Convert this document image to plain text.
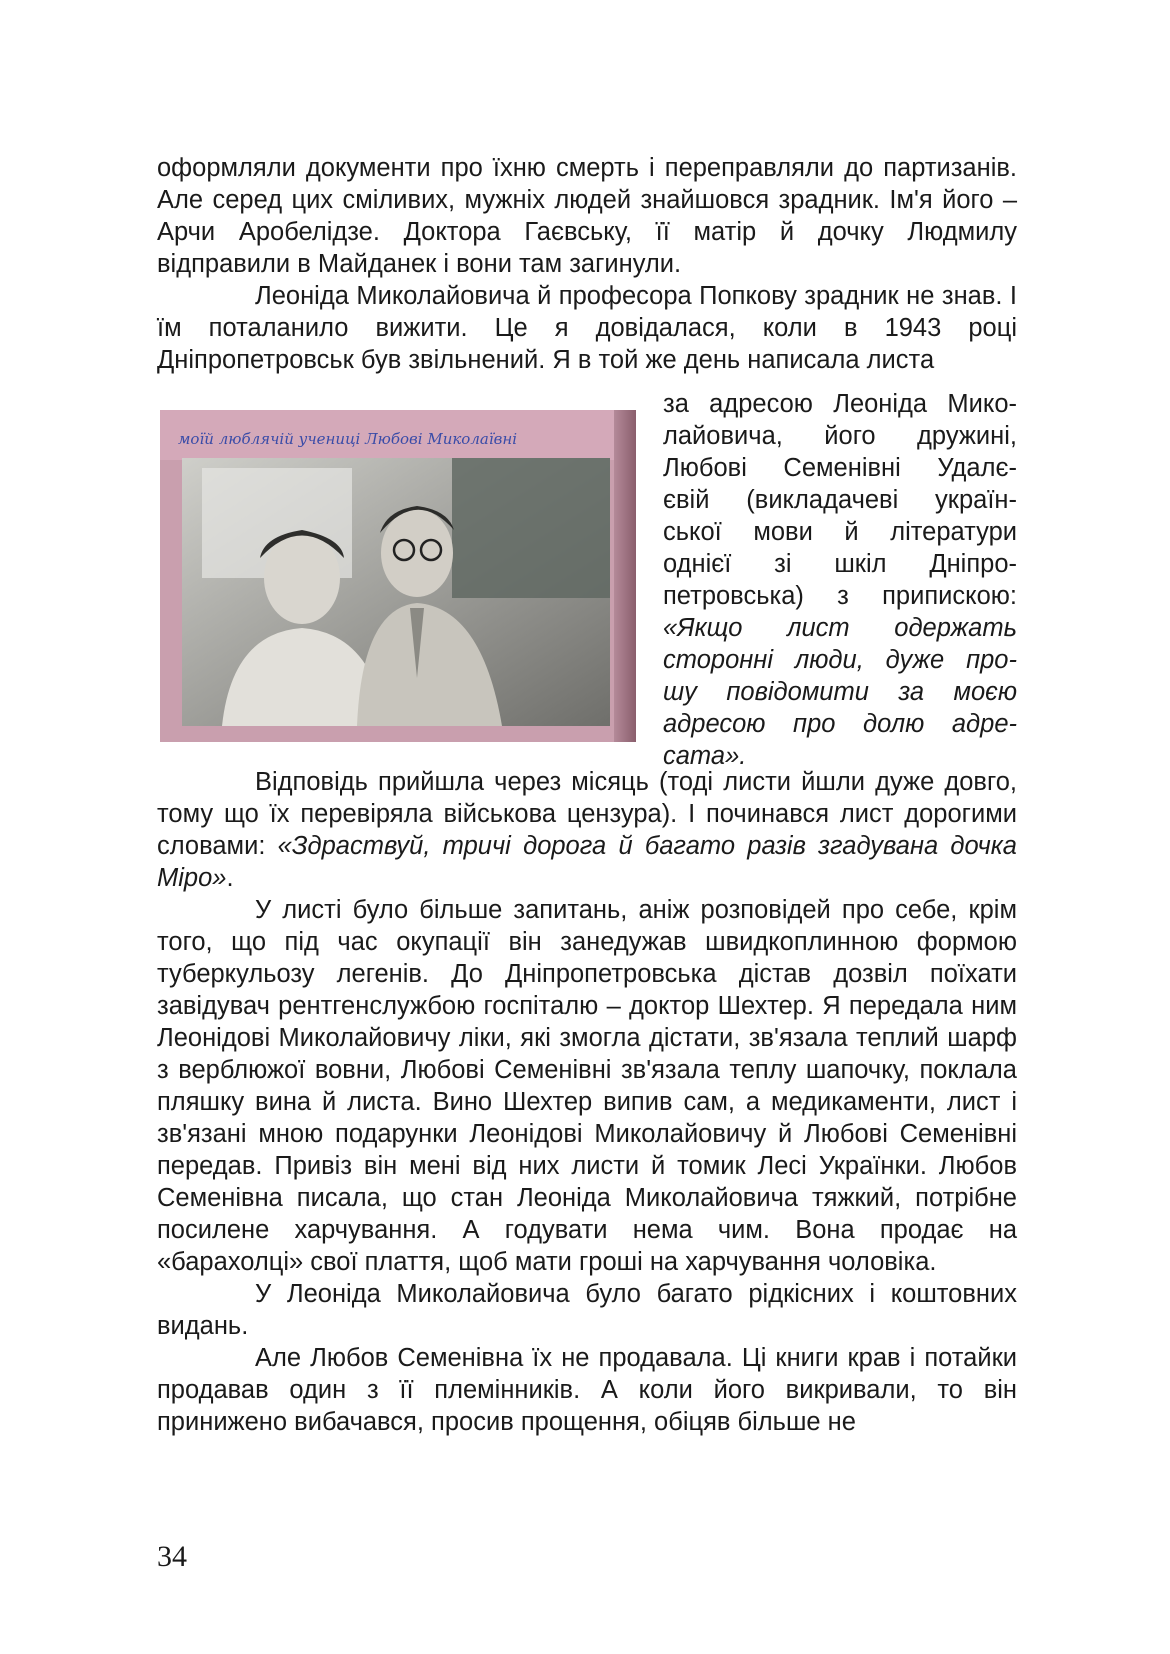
оформляли документи про їхню смерть і переправляли до партизанів. Але серед цих сміливих, мужніх людей знайшовся зрадник. Ім'я його – Арчи Аробелідзе. Доктора Гаєвську, її матір й дочку Людмилу відправили в Майданек і вони там загинули.

Леоніда Миколайовича й професора Попкову зрадник не знав. І їм поталанило вижити. Це я довідалася, коли в 1943 році Дніпропетровськ був звільнений. Я в той же день написала листа

моїй люблячій учениці Любові Миколаївні

за адресою Леоніда Мико-

лайовича, його дружині,

Любові Семенівні Удалє-

євій (викладачеві україн-

ської мови й літератури

однієї зі шкіл Дніпро-

петровська) з припискою:

«Якщо лист одержать

сторонні люди, дуже про-

шу повідомити за моєю

адресою про долю адре-

сата».

Відповідь прийшла через місяць (тоді листи йшли дуже довго, тому що їх перевіряла військова цензура). І починався лист дорогими словами: «Здраствуй, тричі дорога й багато разів згадувана дочка Міро».

У листі було більше запитань, аніж розповідей про себе, крім того, що під час окупації він занедужав швидкоплинною формою туберкульозу легенів. До Дніпропетровська дістав дозвіл поїхати завідувач рентгенслужбою госпіталю – доктор Шехтер. Я передала ним Леонідові Миколайовичу ліки, які змогла дістати, зв'язала теплий шарф з верблюжої вовни, Любові Семенівні зв'язала теплу шапочку, поклала пляшку вина й листа. Вино Шехтер випив сам, а медикаменти, лист і зв'язані мною подарунки Леонідові Миколайовичу й Любові Семенівні передав. Привіз він мені від них листи й томик Лесі Українки. Любов Семенівна писала, що стан Леоніда Миколайовича тяжкий, потрібне посилене харчування. А годувати нема чим. Вона продає на «барахолці» свої плаття, щоб мати гроші на харчування чоловіка.

У Леоніда Миколайовича було багато рідкісних і коштовних видань.

Але Любов Семенівна їх не продавала. Ці книги крав і потайки продавав один з її племінників. А коли його викривали, то він принижено вибачався, просив прощення, обіцяв більше не

34
